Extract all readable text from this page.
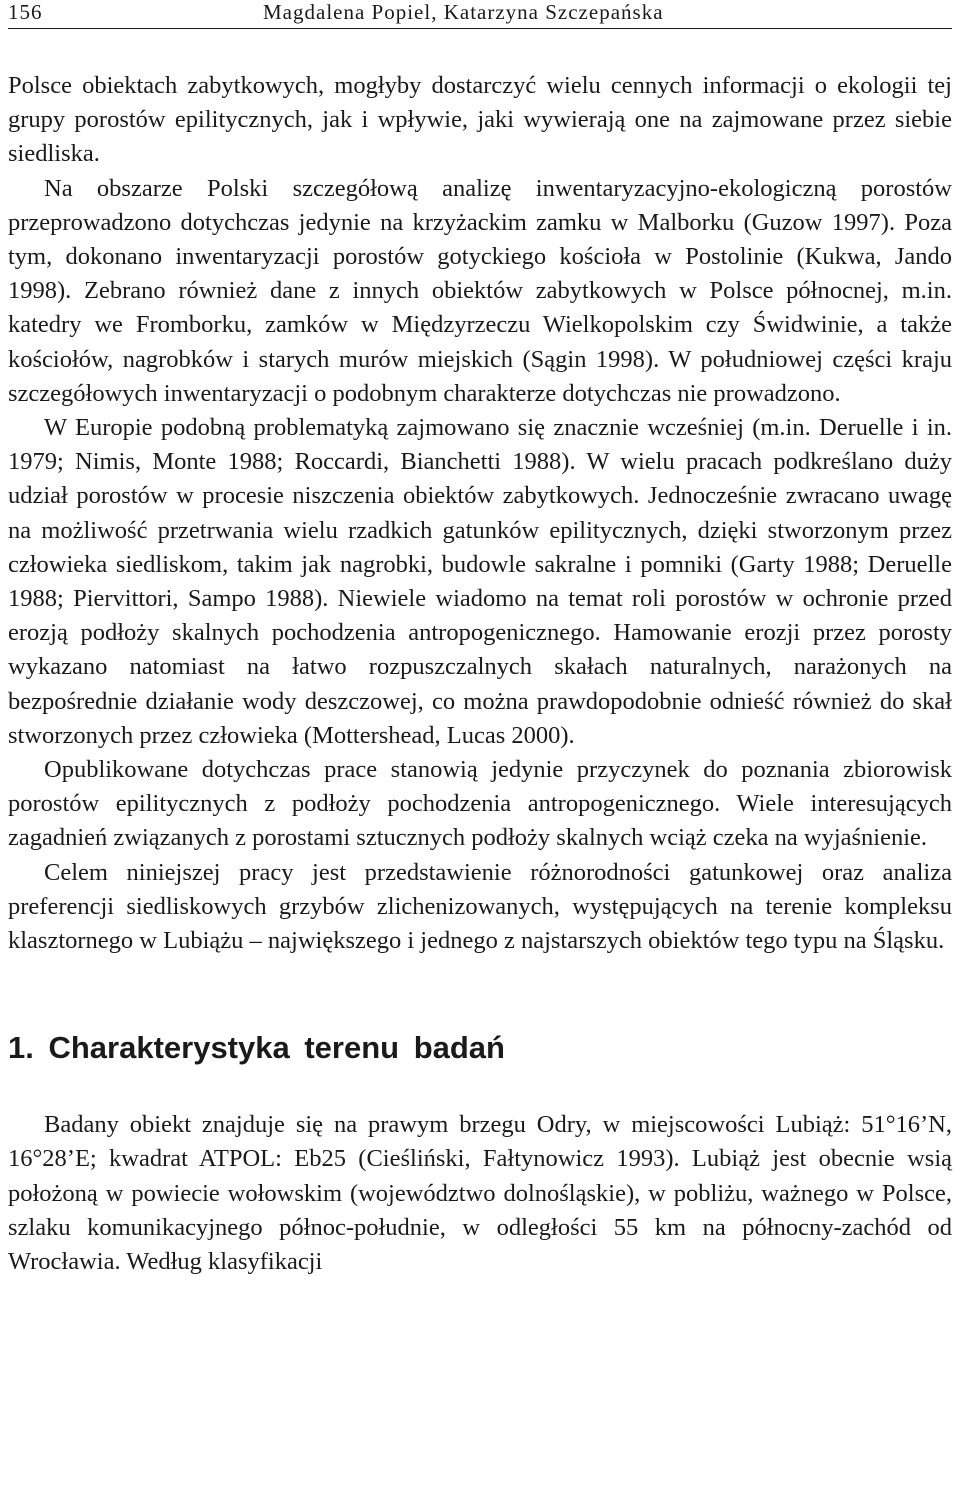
156	Magdalena Popiel, Katarzyna Szczepańska

Polsce obiektach zabytkowych, mogłyby dostarczyć wielu cennych informacji o ekologii tej grupy porostów epilitycznych, jak i wpływie, jaki wywierają one na zajmowane przez siebie siedliska.

Na obszarze Polski szczegółową analizę inwentaryzacyjno-ekologiczną porostów przeprowadzono dotychczas jedynie na krzyżackim zamku w Malborku (Guzow 1997). Poza tym, dokonano inwentaryzacji porostów gotyckiego kościoła w Postolinie (Kukwa, Jando 1998). Zebrano również dane z innych obiektów zabytkowych w Polsce północnej, m.in. katedry we Fromborku, zamków w Międzyrzeczu Wielkopolskim czy Świdwinie, a także kościołów, nagrobków i starych murów miejskich (Sągin 1998). W południowej części kraju szczegółowych inwentaryzacji o podobnym charakterze dotychczas nie prowadzono.

W Europie podobną problematyką zajmowano się znacznie wcześniej (m.in. Deruelle i in. 1979; Nimis, Monte 1988; Roccardi, Bianchetti 1988). W wielu pracach podkreślano duży udział porostów w procesie niszczenia obiektów zabytkowych. Jednocześnie zwracano uwagę na możliwość przetrwania wielu rzadkich gatunków epilitycznych, dzięki stworzonym przez człowieka siedliskom, takim jak nagrobki, budowle sakralne i pomniki (Garty 1988; Deruelle 1988; Piervittori, Sampo 1988). Niewiele wiadomo na temat roli porostów w ochronie przed erozją podłoży skalnych pochodzenia antropogenicznego. Hamowanie erozji przez porosty wykazano natomiast na łatwo rozpuszczalnych skałach naturalnych, narażonych na bezpośrednie działanie wody deszczowej, co można prawdopodobnie odnieść również do skał stworzonych przez człowieka (Mottershead, Lucas 2000).

Opublikowane dotychczas prace stanowią jedynie przyczynek do poznania zbiorowisk porostów epilitycznych z podłoży pochodzenia antropogenicznego. Wiele interesujących zagadnień związanych z porostami sztucznych podłoży skalnych wciąż czeka na wyjaśnienie.

Celem niniejszej pracy jest przedstawienie różnorodności gatunkowej oraz analiza preferencji siedliskowych grzybów zlichenizowanych, występujących na terenie kompleksu klasztornego w Lubiążu – największego i jednego z najstarszych obiektów tego typu na Śląsku.

1. Charakterystyka terenu badań

Badany obiekt znajduje się na prawym brzegu Odry, w miejscowości Lubiąż: 51°16’N, 16°28’E; kwadrat ATPOL: Eb25 (Cieśliński, Fałtynowicz 1993). Lubiąż jest obecnie wsią położoną w powiecie wołowskim (województwo dolnośląskie), w pobliżu, ważnego w Polsce, szlaku komunikacyjnego północ-południe, w odległości 55 km na północny-zachód od Wrocławia. Według klasyfikacji
